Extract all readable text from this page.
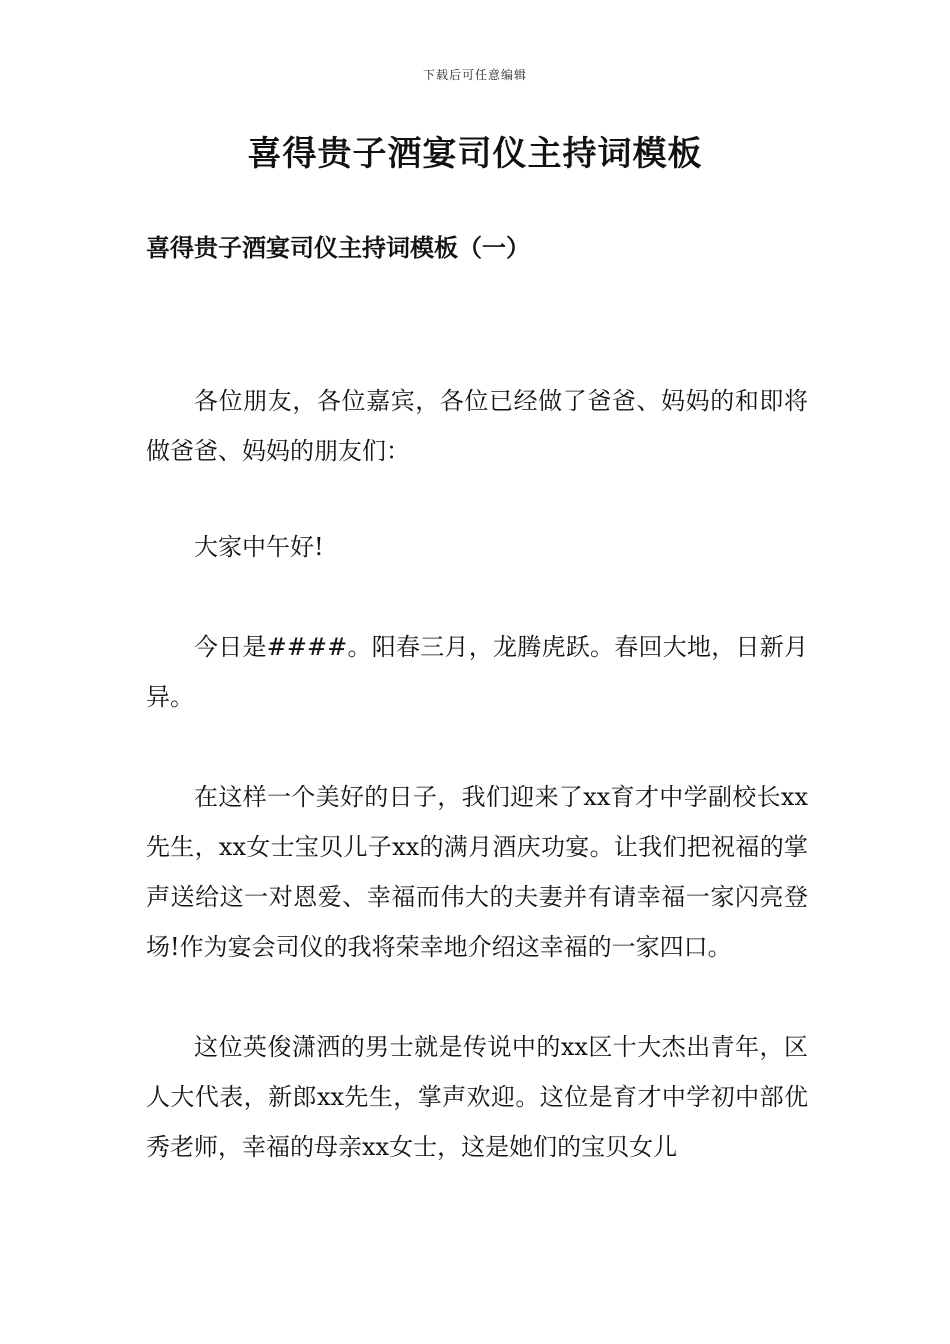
下载后可任意编辑
喜得贵子酒宴司仪主持词模板
喜得贵子酒宴司仪主持词模板（一）

各位朋友，各位嘉宾，各位已经做了爸爸、妈妈的和即将做爸爸、妈妈的朋友们：

大家中午好!

今日是####。阳春三月，龙腾虎跃。春回大地，日新月异。

在这样一个美好的日子，我们迎来了xx育才中学副校长xx先生，xx女士宝贝儿子xx的满月酒庆功宴。让我们把祝福的掌声送给这一对恩爱、幸福而伟大的夫妻并有请幸福一家闪亮登场!作为宴会司仪的我将荣幸地介绍这幸福的一家四口。

这位英俊潇洒的男士就是传说中的xx区十大杰出青年，区人大代表，新郎xx先生，掌声欢迎。这位是育才中学初中部优秀老师，幸福的母亲xx女士，这是她们的宝贝女儿
